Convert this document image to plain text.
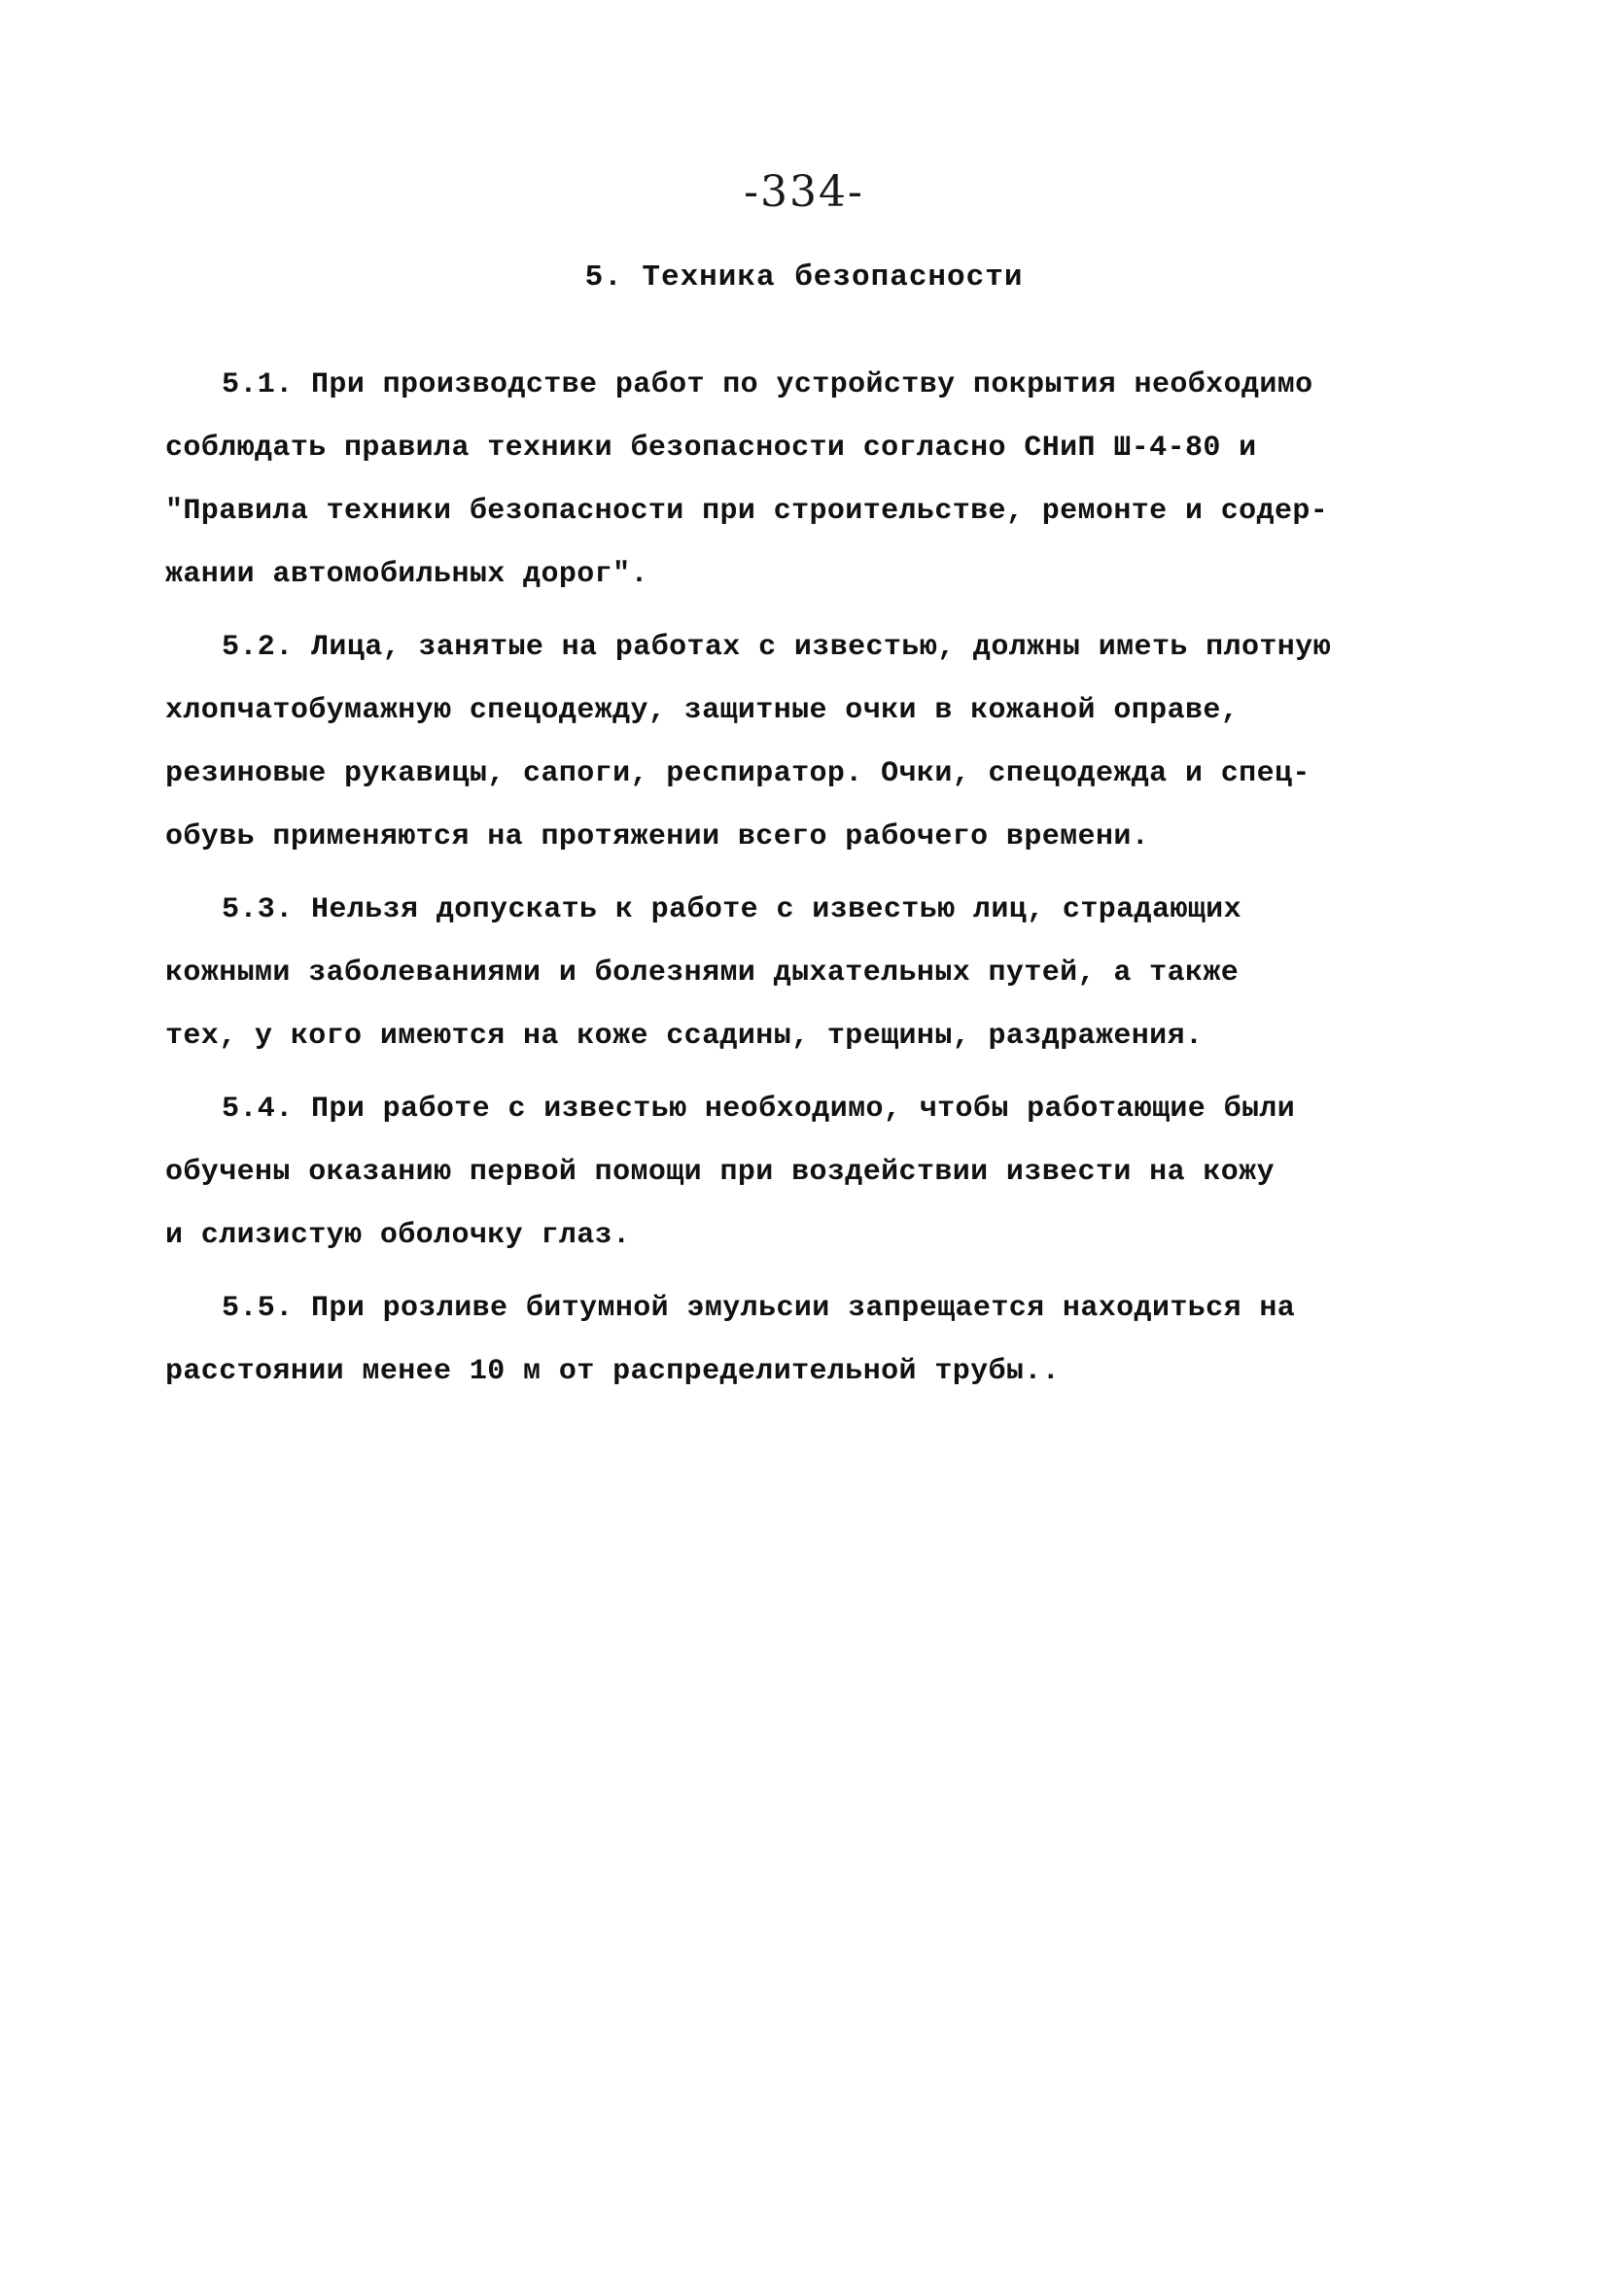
-334-
5. Техника безопасности
5.1. При производстве работ по устройству покрытия необходимо
соблюдать правила техники безопасности согласно СНиП Ш-4-80 и
"Правила техники безопасности при строительстве, ремонте и содер-
жании автомобильных дорог".
5.2. Лица, занятые на работах с известью, должны иметь плотную
хлопчатобумажную спецодежду, защитные очки в кожаной оправе,
резиновые рукавицы, сапоги, респиратор. Очки, спецодежда и спец-
обувь применяются на протяжении всего рабочего времени.
5.3. Нельзя допускать к работе с известью лиц, страдающих
кожными заболеваниями и болезнями дыхательных путей, а также
тех, у кого имеются на коже ссадины, трещины, раздражения.
5.4. При работе с известью необходимо, чтобы работающие были
обучены оказанию первой помощи при воздействии извести на кожу
и слизистую оболочку глаз.
5.5. При розливе битумной эмульсии запрещается находиться на
расстоянии менее 10 м от распределительной трубы..
